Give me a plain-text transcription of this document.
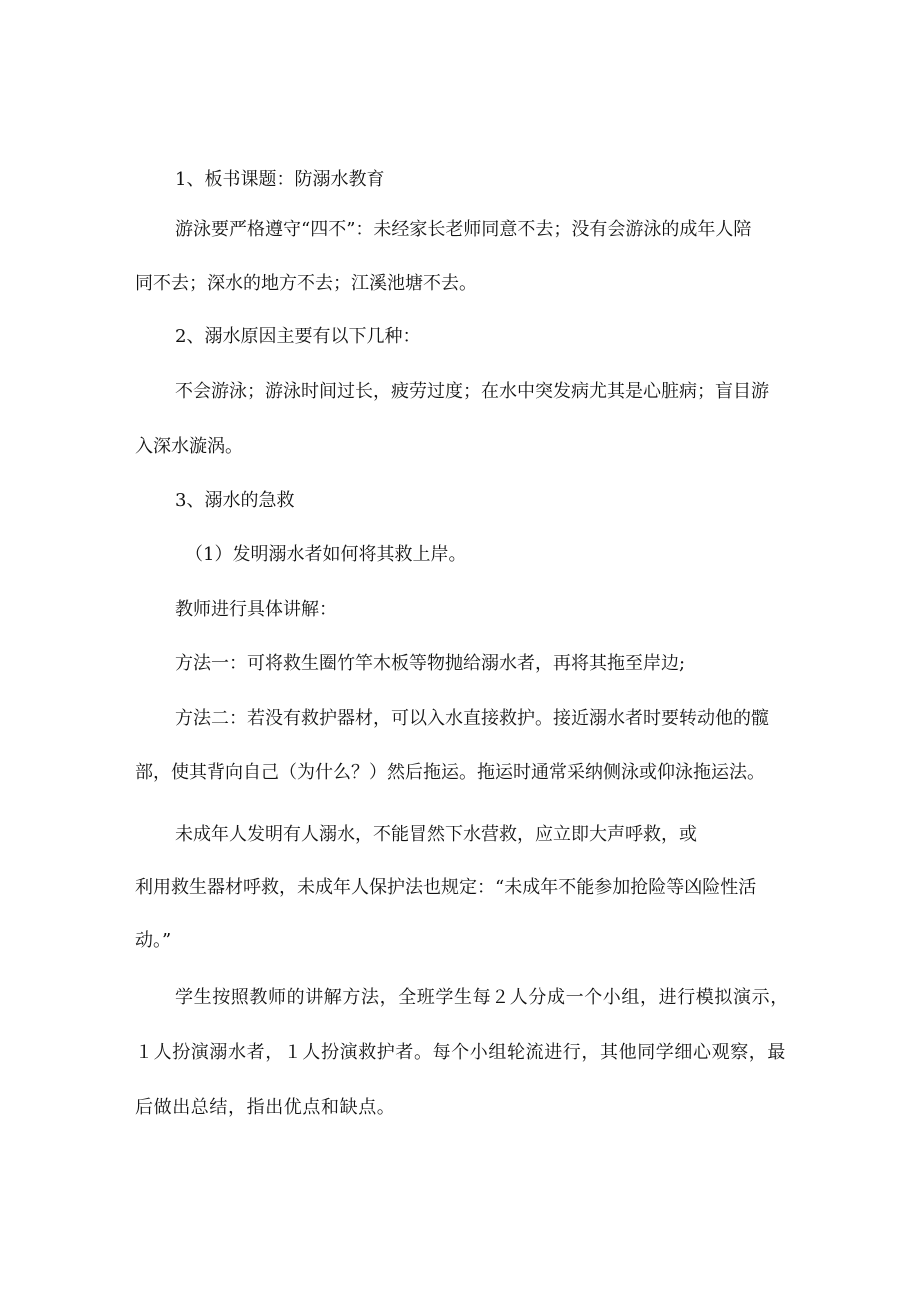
1、板书课题：防溺水教育
游泳要严格遵守“四不”：未经家长老师同意不去；没有会游泳的成年人陪
同不去；深水的地方不去；江溪池塘不去。
2、溺水原因主要有以下几种：
不会游泳；游泳时间过长，疲劳过度；在水中突发病尤其是心脏病；盲目游
入深水漩涡。
3、溺水的急救
（1）发明溺水者如何将其救上岸。
教师进行具体讲解：
方法一：可将救生圈竹竿木板等物抛给溺水者，再将其拖至岸边;
方法二：若没有救护器材，可以入水直接救护。接近溺水者时要转动他的髋
部，使其背向自己（为什么？）然后拖运。拖运时通常采纳侧泳或仰泳拖运法。
未成年人发明有人溺水，不能冒然下水营救，应立即大声呼救，或
利用救生器材呼救，未成年人保护法也规定：“未成年不能参加抢险等凶险性活
动。”
学生按照教师的讲解方法，全班学生每２人分成一个小组，进行模拟演示，
１人扮演溺水者，１人扮演救护者。每个小组轮流进行，其他同学细心观察，最
后做出总结，指出优点和缺点。
